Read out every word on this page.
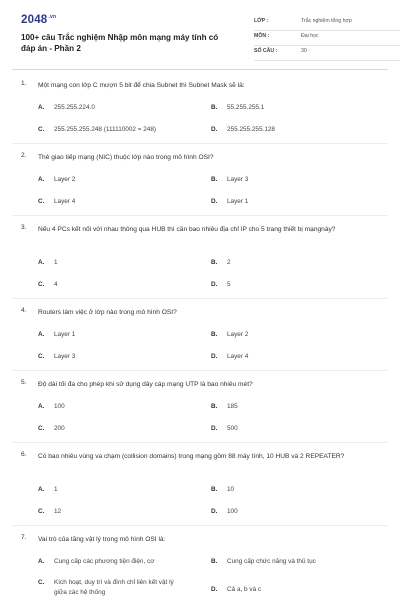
$2048^{.vn}$
100+ câu Trắc nghiệm Nhập môn mạng máy tính có đáp án - Phần 2
LỚP :	Trắc nghiệm tổng hợp
MÔN :	Đại học
SỐ CÂU :	30
1. Một mạng con lớp C mượn 5 bit để chia Subnet thì Subnet Mask sẽ là:
A. 255.255.224.0	B. 55.255.255.1
C. 255.255.255.248 (111110002 = 248)	D. 255.255.255.128
2. Thẻ giao tiếp mạng (NIC) thuộc lớp nào trong mô hình OSI?
A. Layer 2	B. Layer 3
C. Layer 4	D. Layer 1
3. Nếu 4 PCs kết nối với nhau thông qua HUB thì cần bao nhiêu địa chỉ IP cho 5 trang thiết bị mạngnày?
A. 1	B. 2
C. 4	D. 5
4. Routers làm việc ở lớp nào trong mô hình OSI?
A. Layer 1	B. Layer 2
C. Layer 3	D. Layer 4
5. Độ dài tối đa cho phép khi sử dụng dây cáp mạng UTP là bao nhiêu mét?
A. 100	B. 185
C. 200	D. 500
6. Có bao nhiêu vùng va chạm (collision domains) trong mạng gồm 88 máy tính, 10 HUB và 2 REPEATER?
A. 1	B. 10
C. 12	D. 100
7. Vai trò của tầng vật lý trong mô hình OSI là:
A. Cung cấp các phương tiện điện, cơ	B. Cung cấp chức năng và thủ tục
C. Kích hoạt, duy trì và đình chỉ liên kết vật lý giữa các hệ thống	D. Cả a, b và c
